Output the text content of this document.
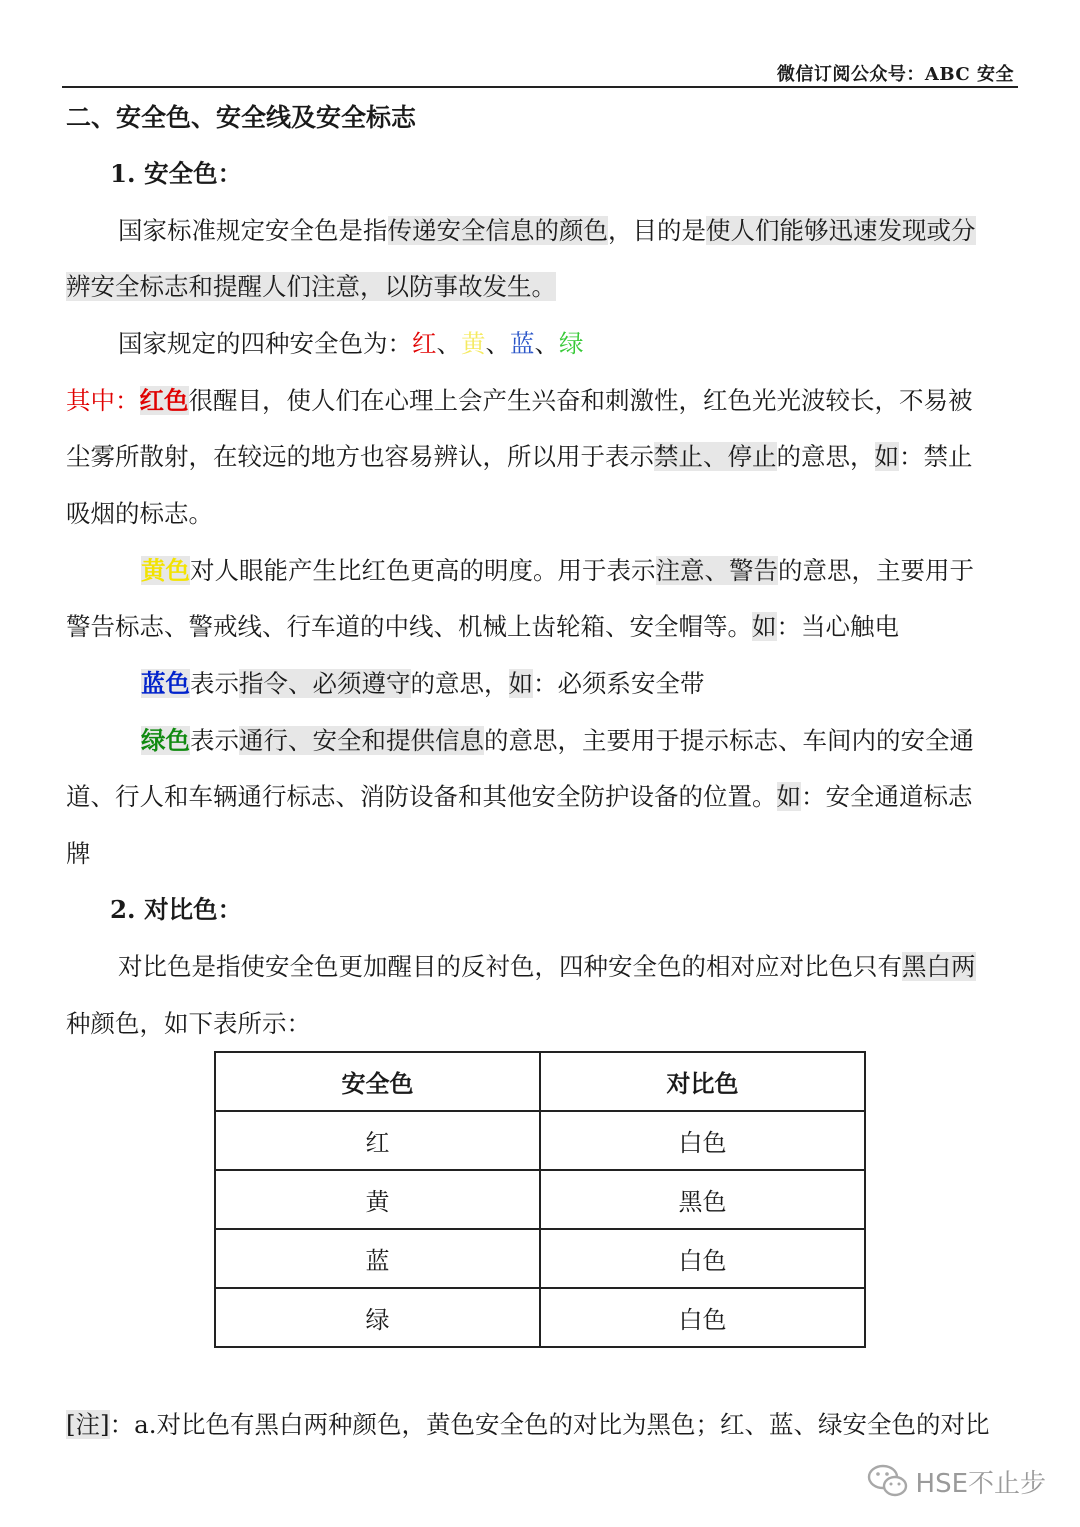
微信订阅公众号：ABC 安全
二、安全色、安全线及安全标志
1. 安全色：
国家标准规定安全色是指传递安全信息的颜色，目的是使人们能够迅速发现或分
辨安全标志和提醒人们注意，以防事故发生。
国家规定的四种安全色为：红、黄、蓝、绿
其中：红色很醒目，使人们在心理上会产生兴奋和刺激性，红色光光波较长，不易被
尘雾所散射，在较远的地方也容易辨认，所以用于表示禁止、停止的意思，如：禁止
吸烟的标志。
黄色对人眼能产生比红色更高的明度。用于表示注意、警告的意思，主要用于
警告标志、警戒线、行车道的中线、机械上齿轮箱、安全帽等。如：当心触电
蓝色表示指令、必须遵守的意思，如：必须系安全带
绿色表示通行、安全和提供信息的意思，主要用于提示标志、车间内的安全通
道、行人和车辆通行标志、消防设备和其他安全防护设备的位置。如：安全通道标志
牌
2. 对比色：
对比色是指使安全色更加醒目的反衬色，四种安全色的相对应对比色只有黑白两
种颜色，如下表所示：
安全色	对比色
红	白色
黄	黑色
蓝	白色
绿	白色
[注]：a.对比色有黑白两种颜色，黄色安全色的对比为黑色；红、蓝、绿安全色的对比
HSE不止步
